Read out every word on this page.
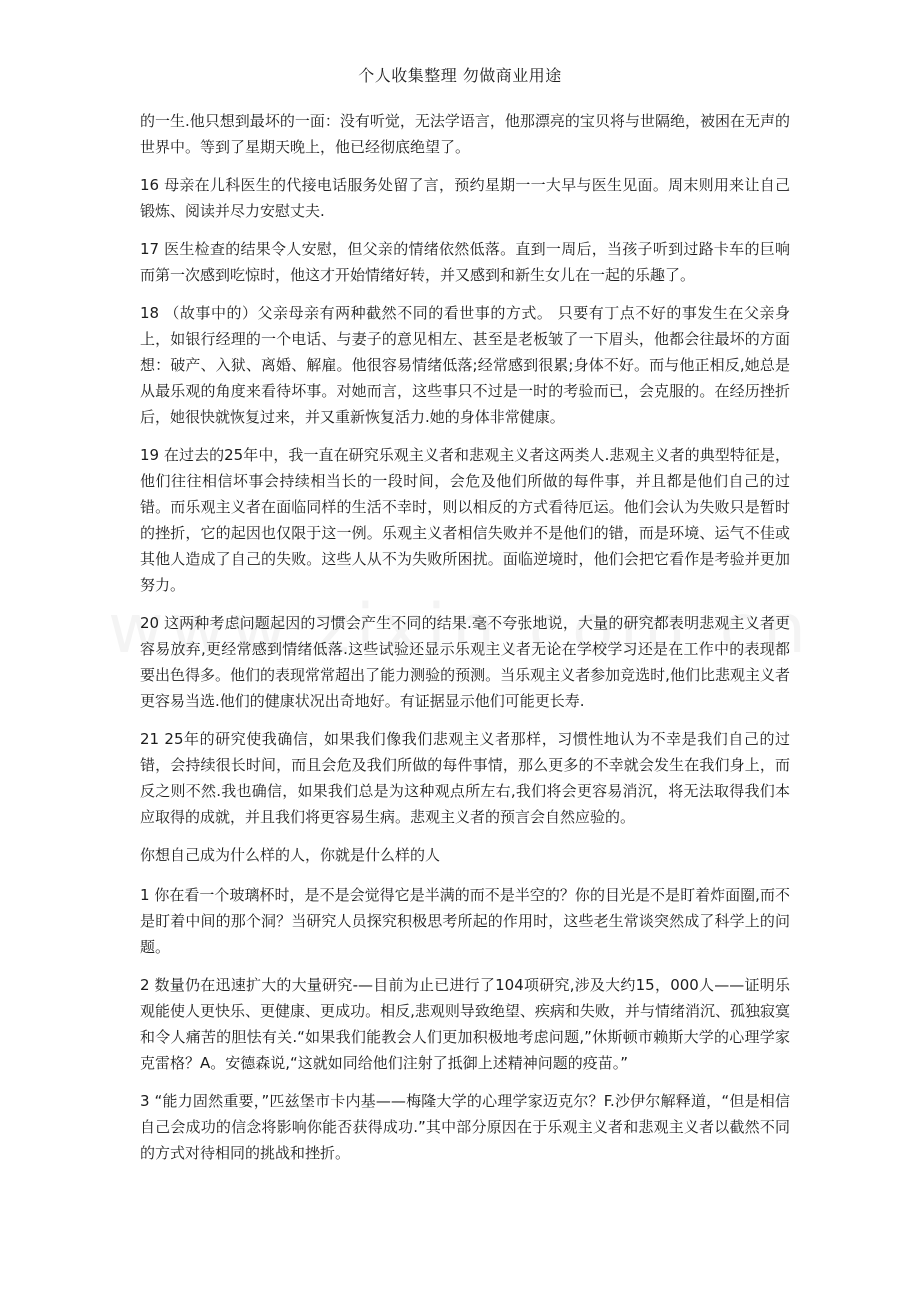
个人收集整理 勿做商业用途

的一生.他只想到最坏的一面：没有听觉，无法学语言，他那漂亮的宝贝将与世隔绝，被困在无声的世界中。等到了星期天晚上，他已经彻底绝望了。

16 母亲在儿科医生的代接电话服务处留了言，预约星期一一大早与医生见面。周末则用来让自己锻炼、阅读并尽力安慰丈夫.

17 医生检查的结果令人安慰，但父亲的情绪依然低落。直到一周后，当孩子听到过路卡车的巨响而第一次感到吃惊时，他这才开始情绪好转，并又感到和新生女儿在一起的乐趣了。

18 （故事中的）父亲母亲有两种截然不同的看世事的方式。 只要有丁点不好的事发生在父亲身上，如银行经理的一个电话、与妻子的意见相左、甚至是老板皱了一下眉头，他都会往最坏的方面想：破产、入狱、离婚、解雇。他很容易情绪低落;经常感到很累;身体不好。而与他正相反,她总是从最乐观的角度来看待坏事。对她而言，这些事只不过是一时的考验而已，会克服的。在经历挫折后，她很快就恢复过来，并又重新恢复活力.她的身体非常健康。

19 在过去的25年中，我一直在研究乐观主义者和悲观主义者这两类人.悲观主义者的典型特征是，他们往往相信坏事会持续相当长的一段时间，会危及他们所做的每件事，并且都是他们自己的过错。而乐观主义者在面临同样的生活不幸时，则以相反的方式看待厄运。他们会认为失败只是暂时的挫折，它的起因也仅限于这一例。乐观主义者相信失败并不是他们的错，而是环境、运气不佳或其他人造成了自己的失败。这些人从不为失败所困扰。面临逆境时，他们会把它看作是考验并更加努力。

20 这两种考虑问题起因的习惯会产生不同的结果.毫不夸张地说，大量的研究都表明悲观主义者更容易放弃,更经常感到情绪低落.这些试验还显示乐观主义者无论在学校学习还是在工作中的表现都要出色得多。他们的表现常常超出了能力测验的预测。当乐观主义者参加竞选时,他们比悲观主义者更容易当选.他们的健康状况出奇地好。有证据显示他们可能更长寿.

21 25年的研究使我确信，如果我们像我们悲观主义者那样，习惯性地认为不幸是我们自己的过错，会持续很长时间，而且会危及我们所做的每件事情，那么更多的不幸就会发生在我们身上，而反之则不然.我也确信，如果我们总是为这种观点所左右,我们将会更容易消沉，将无法取得我们本应取得的成就，并且我们将更容易生病。悲观主义者的预言会自然应验的。

你想自己成为什么样的人，你就是什么样的人

1 你在看一个玻璃杯时，是不是会觉得它是半满的而不是半空的？你的目光是不是盯着炸面圈,而不是盯着中间的那个洞？当研究人员探究积极思考所起的作用时，这些老生常谈突然成了科学上的问题。

2 数量仍在迅速扩大的大量研究-—目前为止已进行了104项研究,涉及大约15，000人——证明乐观能使人更快乐、更健康、更成功。相反,悲观则导致绝望、疾病和失败，并与情绪消沉、孤独寂寞和令人痛苦的胆怯有关.“如果我们能教会人们更加积极地考虑问题,”休斯顿市赖斯大学的心理学家克雷格？A。安德森说,“这就如同给他们注射了抵御上述精神问题的疫苗。”

3 “能力固然重要，”匹兹堡市卡内基——梅隆大学的心理学家迈克尔？F.沙伊尔解释道，“但是相信自己会成功的信念将影响你能否获得成功.”其中部分原因在于乐观主义者和悲观主义者以截然不同的方式对待相同的挑战和挫折。
